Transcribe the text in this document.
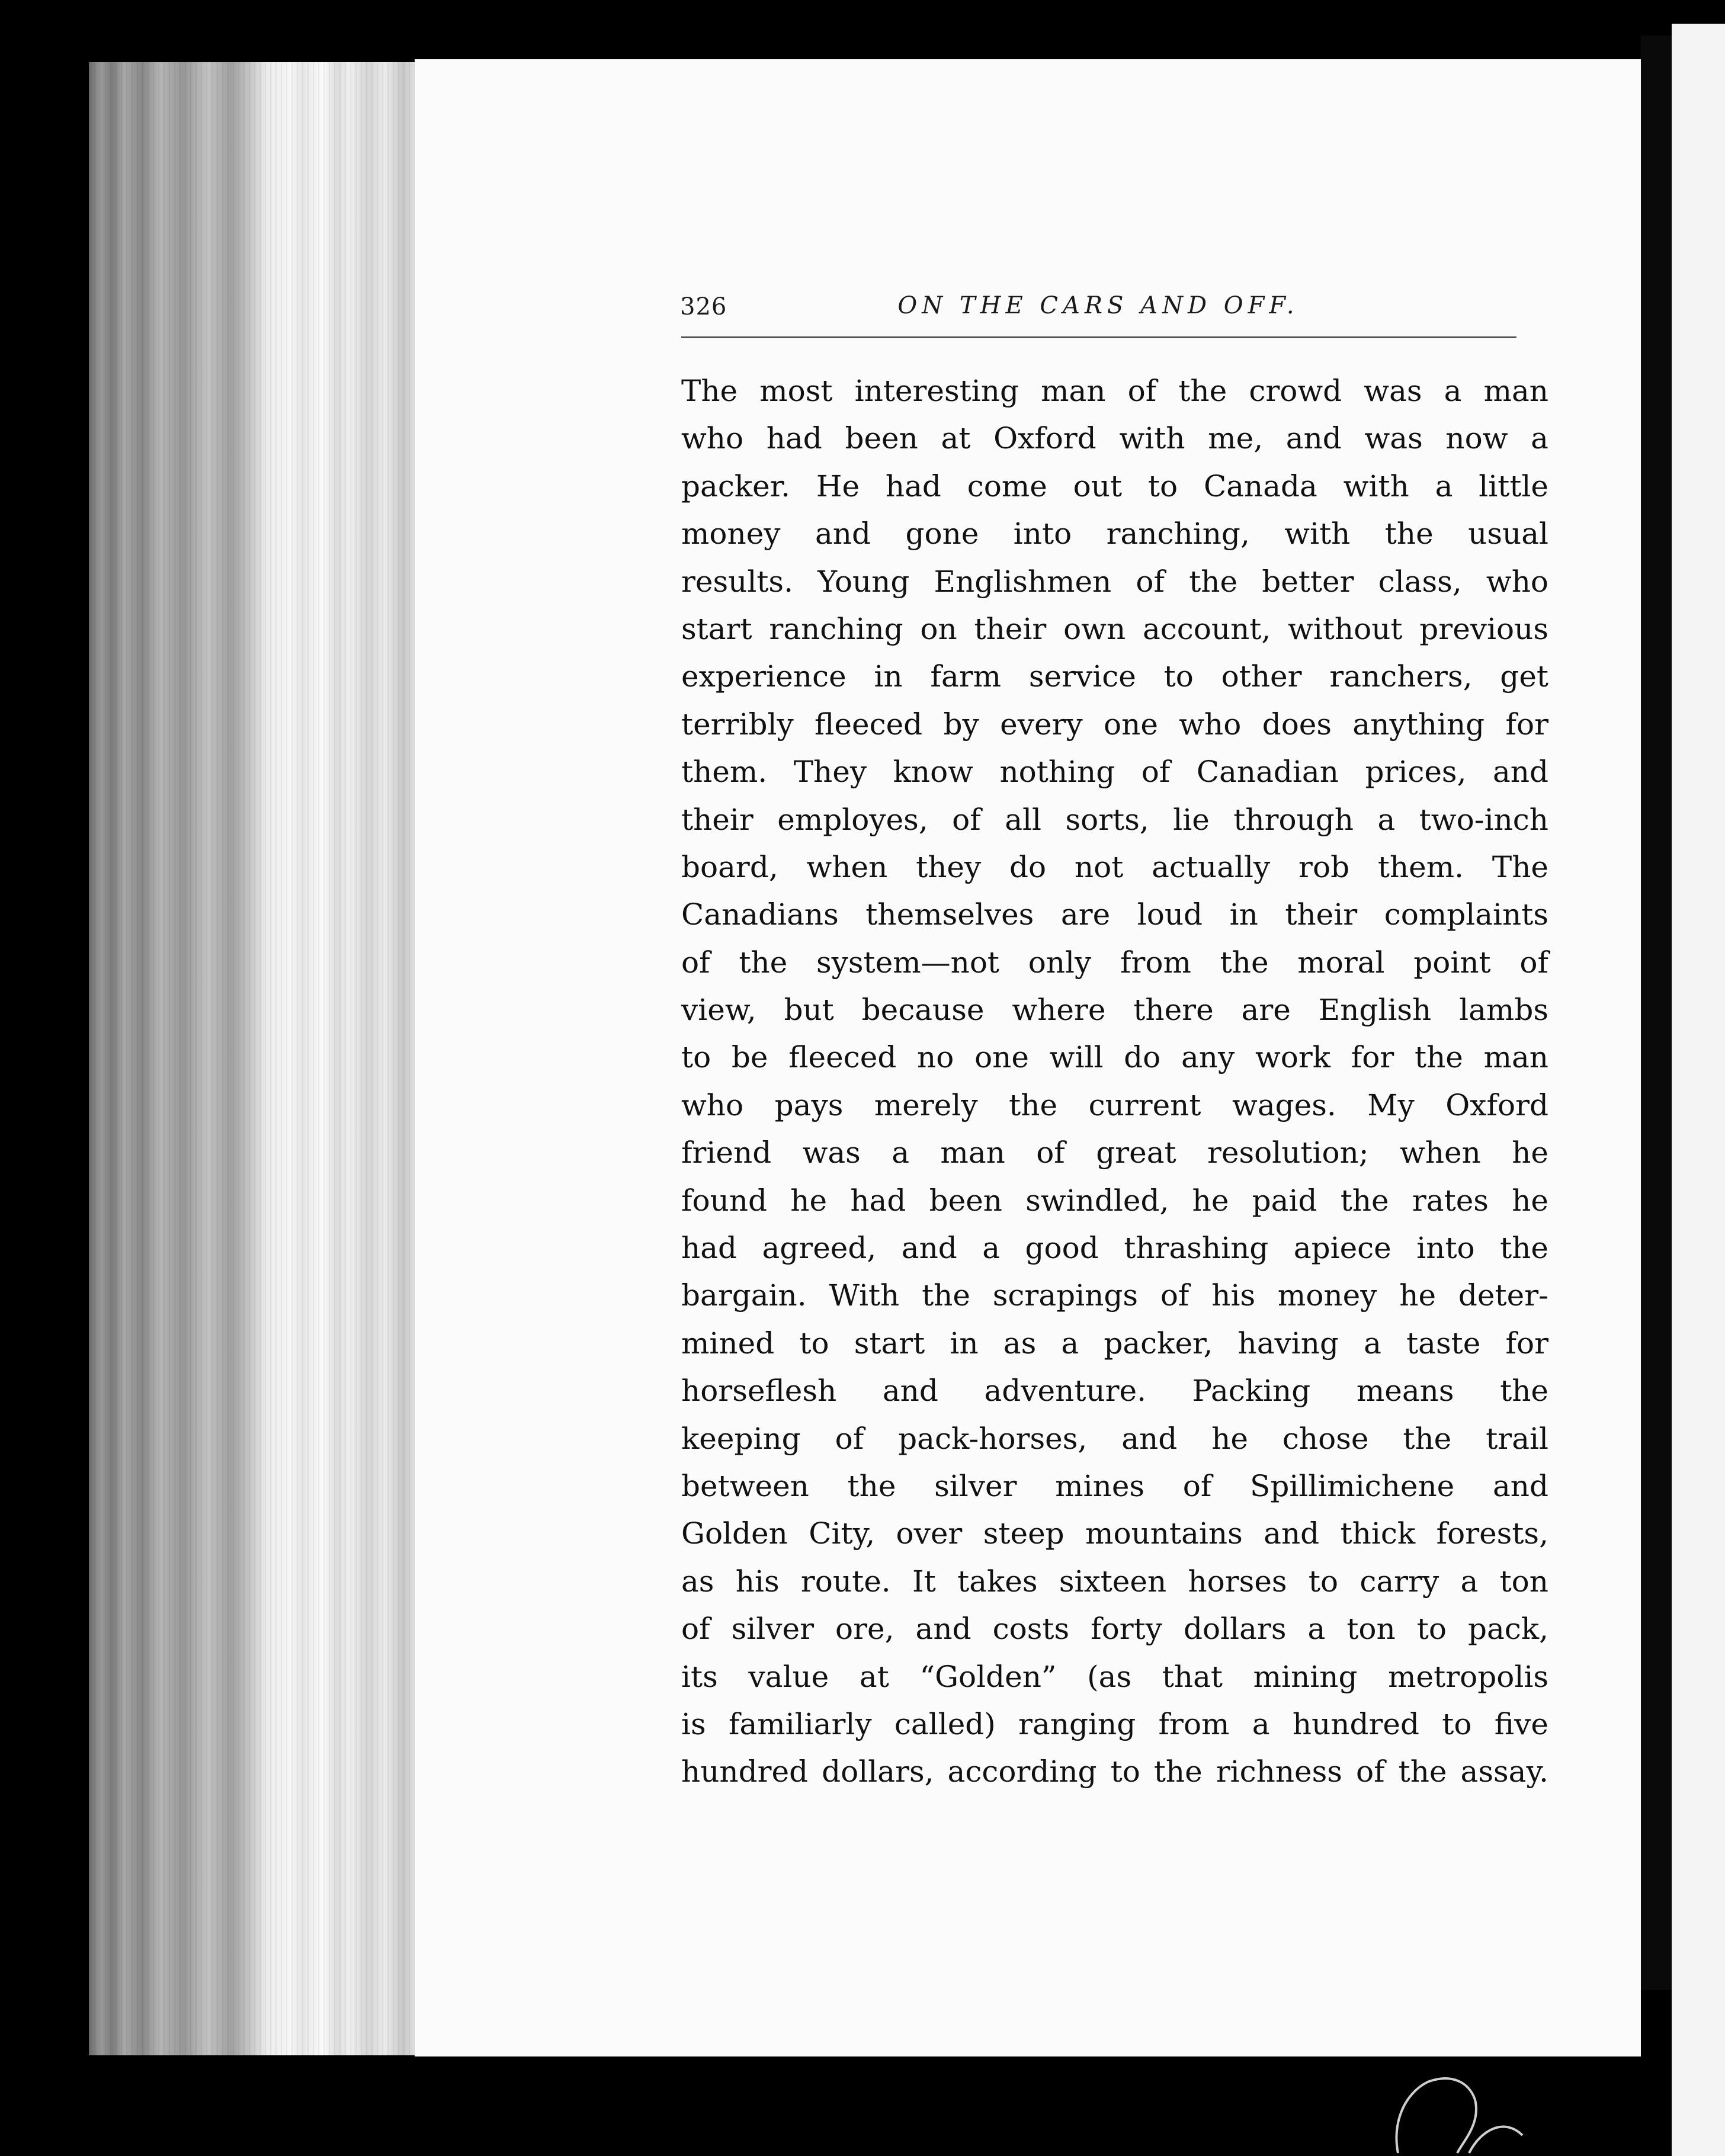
326	ON THE CARS AND OFF.
The most interesting man of the crowd was a man
who had been at Oxford with me, and was now a
packer. He had come out to Canada with a little
money and gone into ranching, with the usual
results. Young Englishmen of the better class, who
start ranching on their own account, without previous
experience in farm service to other ranchers, get
terribly fleeced by every one who does anything for
them. They know nothing of Canadian prices, and
their employes, of all sorts, lie through a two-inch
board, when they do not actually rob them. The
Canadians themselves are loud in their complaints
of the system—not only from the moral point of
view, but because where there are English lambs
to be fleeced no one will do any work for the man
who pays merely the current wages. My Oxford
friend was a man of great resolution; when he
found he had been swindled, he paid the rates he
had agreed, and a good thrashing apiece into the
bargain. With the scrapings of his money he deter-
mined to start in as a packer, having a taste for
horseflesh and adventure. Packing means the
keeping of pack-horses, and he chose the trail
between the silver mines of Spillimichene and
Golden City, over steep mountains and thick forests,
as his route. It takes sixteen horses to carry a ton
of silver ore, and costs forty dollars a ton to pack,
its value at “Golden” (as that mining metropolis
is familiarly called) ranging from a hundred to five
hundred dollars, according to the richness of the assay.
